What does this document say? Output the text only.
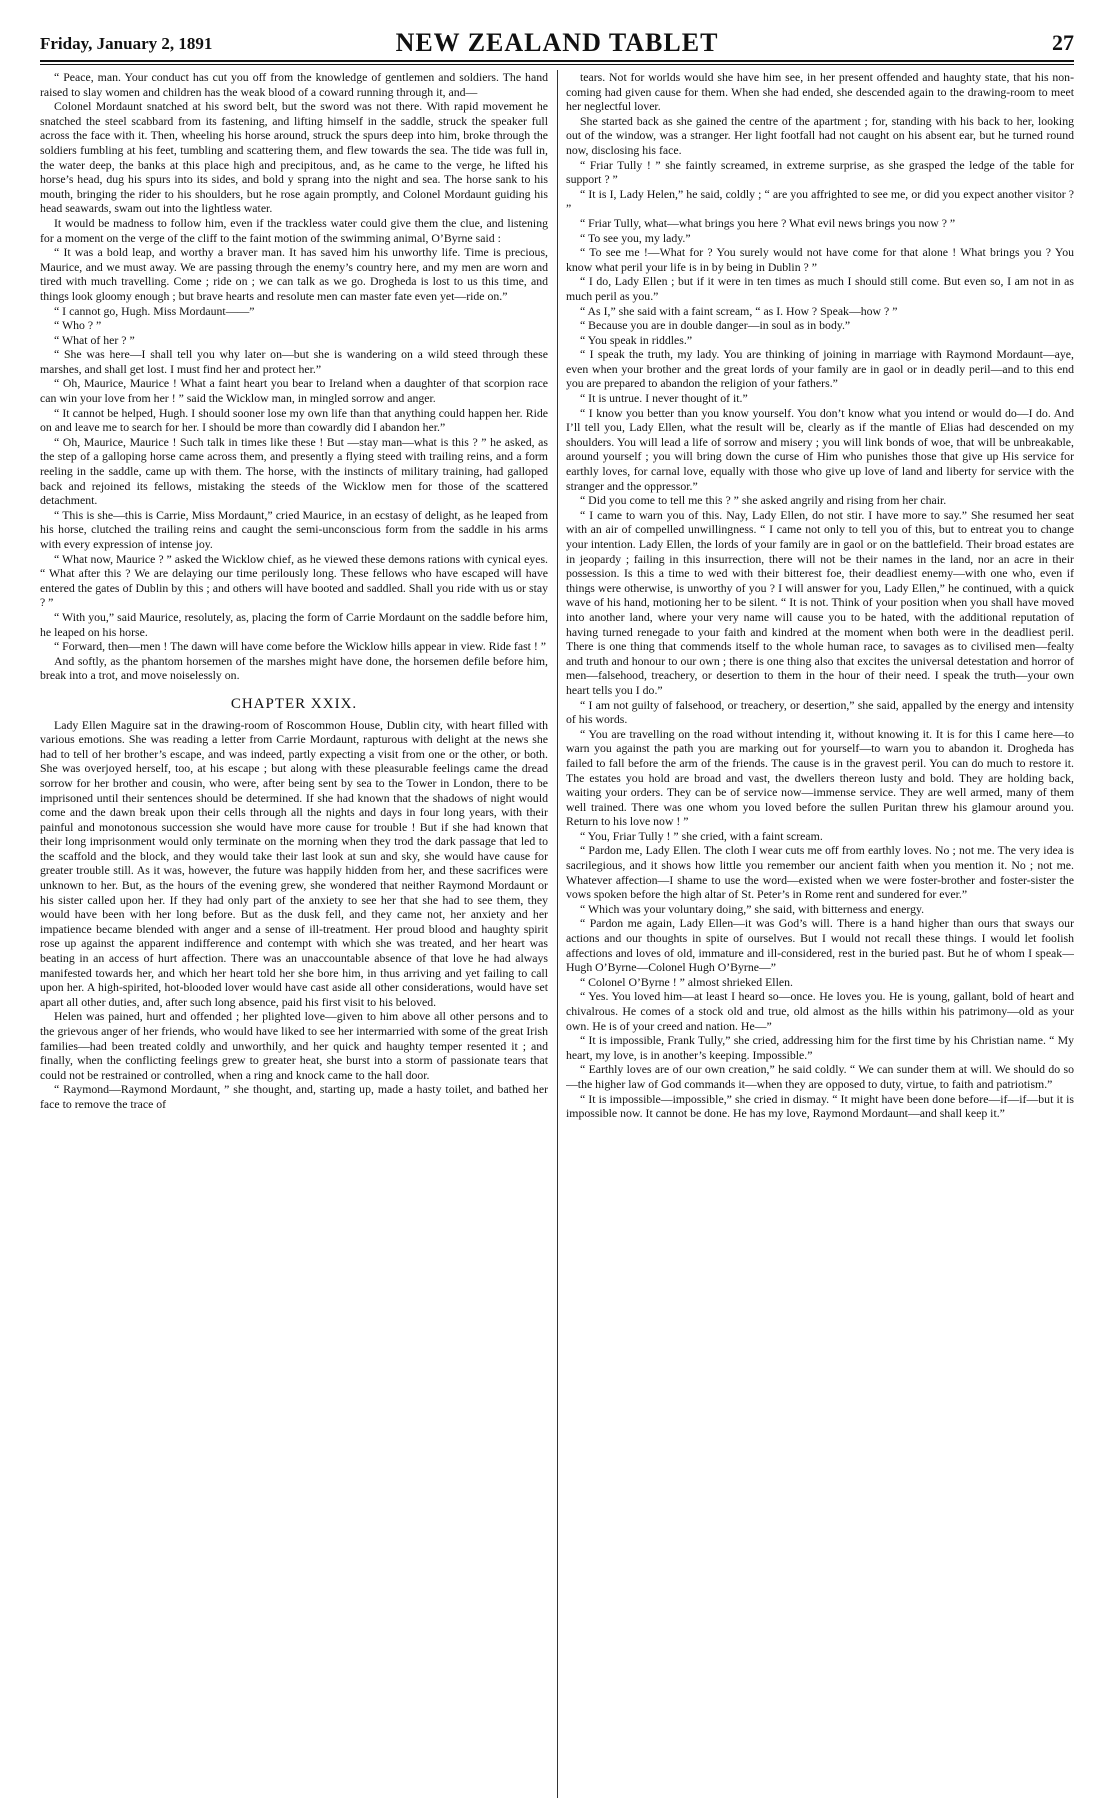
Friday, January 2, 1891	NEW ZEALAND TABLET	27

“ Peace, man. Your conduct has cut you off from the knowledge of gentlemen and soldiers. The hand raised to slay women and children has the weak blood of a coward running through it, and—

Colonel Mordaunt snatched at his sword belt, but the sword was not there. With rapid movement he snatched the steel scabbard from its fastening, and lifting himself in the saddle, struck the speaker full across the face with it. Then, wheeling his horse around, struck the spurs deep into him, broke through the soldiers fumbling at his feet, tumbling and scattering them, and flew towards the sea. The tide was full in, the water deep, the banks at this place high and precipitous, and, as he came to the verge, he lifted his horse’s head, dug his spurs into its sides, and bold y sprang into the night and sea. The horse sank to his mouth, bringing the rider to his shoulders, but he rose again promptly, and Colonel Mordaunt guiding his head seawards, swam out into the lightless water.

It would be madness to follow him, even if the trackless water could give them the clue, and listening for a moment on the verge of the cliff to the faint motion of the swimming animal, O’Byrne said :

“ It was a bold leap, and worthy a braver man. It has saved him his unworthy life. Time is precious, Maurice, and we must away. We are passing through the enemy’s country here, and my men are worn and tired with much travelling. Come ; ride on ; we can talk as we go. Drogheda is lost to us this time, and things look gloomy enough ; but brave hearts and resolute men can master fate even yet—ride on.”

“ I cannot go, Hugh. Miss Mordaunt——”

“ Who ? ”

“ What of her ? ”

“ She was here—I shall tell you why later on—but she is wandering on a wild steed through these marshes, and shall get lost. I must find her and protect her.”

“ Oh, Maurice, Maurice ! What a faint heart you bear to Ireland when a daughter of that scorpion race can win your love from her ! ” said the Wicklow man, in mingled sorrow and anger.

“ It cannot be helped, Hugh. I should sooner lose my own life than that anything could happen her. Ride on and leave me to search for her. I should be more than cowardly did I abandon her.”

“ Oh, Maurice, Maurice ! Such talk in times like these ! But —stay man—what is this ? ” he asked, as the step of a galloping horse came across them, and presently a flying steed with trailing reins, and a form reeling in the saddle, came up with them. The horse, with the instincts of military training, had galloped back and rejoined its fellows, mistaking the steeds of the Wicklow men for those of the scattered detachment.

“ This is she—this is Carrie, Miss Mordaunt,” cried Maurice, in an ecstasy of delight, as he leaped from his horse, clutched the trailing reins and caught the semi-unconscious form from the saddle in his arms with every expression of intense joy.

“ What now, Maurice ? ” asked the Wicklow chief, as he viewed these demons rations with cynical eyes. “ What after this ? We are delaying our time perilously long. These fellows who have escaped will have entered the gates of Dublin by this ; and others will have booted and saddled. Shall you ride with us or stay ? ”

“ With you,” said Maurice, resolutely, as, placing the form of Carrie Mordaunt on the saddle before him, he leaped on his horse.

“ Forward, then—men ! The dawn will have come before the Wicklow hills appear in view. Ride fast ! ”

And softly, as the phantom horsemen of the marshes might have done, the horsemen defile before him, break into a trot, and move noiselessly on.

CHAPTER XXIX.

Lady Ellen Maguire sat in the drawing-room of Roscommon House, Dublin city, with heart filled with various emotions. She was reading a letter from Carrie Mordaunt, rapturous with delight at the news she had to tell of her brother’s escape, and was indeed, partly expecting a visit from one or the other, or both. She was overjoyed herself, too, at his escape ; but along with these pleasurable feelings came the dread sorrow for her brother and cousin, who were, after being sent by sea to the Tower in London, there to be imprisoned until their sentences should be determined. If she had known that the shadows of night would come and the dawn break upon their cells through all the nights and days in four long years, with their painful and monotonous succession she would have more cause for trouble ! But if she had known that their long imprisonment would only terminate on the morning when they trod the dark passage that led to the scaffold and the block, and they would take their last look at sun and sky, she would have cause for greater trouble still. As it was, however, the future was happily hidden from her, and these sacrifices were unknown to her. But, as the hours of the evening grew, she wondered that neither Raymond Mordaunt or his sister called upon her. If they had only part of the anxiety to see her that she had to see them, they would have been with her long before. But as the dusk fell, and they came not, her anxiety and her impatience became blended with anger and a sense of ill-treatment. Her proud blood and haughty spirit rose up against the apparent indifference and contempt with which she was treated, and her heart was beating in an access of hurt affection. There was an unaccountable absence of that love he had always manifested towards her, and which her heart told her she bore him, in thus arriving and yet failing to call upon her. A high-spirited, hot-blooded lover would have cast aside all other considerations, would have set apart all other duties, and, after such long absence, paid his first visit to his beloved.

Helen was pained, hurt and offended ; her plighted love—given to him above all other persons and to the grievous anger of her friends, who would have liked to see her intermarried with some of the great Irish families—had been treated coldly and unworthily, and her quick and haughty temper resented it ; and finally, when the conflicting feelings grew to greater heat, she burst into a storm of passionate tears that could not be restrained or controlled, when a ring and knock came to the hall door.

“ Raymond—Raymond Mordaunt, ” she thought, and, starting up, made a hasty toilet, and bathed her face to remove the trace of

tears. Not for worlds would she have him see, in her present offended and haughty state, that his non-coming had given cause for them. When she had ended, she descended again to the drawing-room to meet her neglectful lover.

She started back as she gained the centre of the apartment ; for, standing with his back to her, looking out of the window, was a stranger. Her light footfall had not caught on his absent ear, but he turned round now, disclosing his face.

“ Friar Tully ! ” she faintly screamed, in extreme surprise, as she grasped the ledge of the table for support ? ”

“ It is I, Lady Helen,” he said, coldly ; “ are you affrighted to see me, or did you expect another visitor ? ”

“ Friar Tully, what—what brings you here ? What evil news brings you now ? ”

“ To see you, my lady.”

“ To see me !—What for ? You surely would not have come for that alone ! What brings you ? You know what peril your life is in by being in Dublin ? ”

“ I do, Lady Ellen ; but if it were in ten times as much I should still come. But even so, I am not in as much peril as you.”

“ As I,” she said with a faint scream, “ as I. How ? Speak—how ? ”

“ Because you are in double danger—in soul as in body.”

“ You speak in riddles.”

“ I speak the truth, my lady. You are thinking of joining in marriage with Raymond Mordaunt—aye, even when your brother and the great lords of your family are in gaol or in deadly peril—and to this end you are prepared to abandon the religion of your fathers.”

“ It is untrue. I never thought of it.”

“ I know you better than you know yourself. You don’t know what you intend or would do—I do. And I’ll tell you, Lady Ellen, what the result will be, clearly as if the mantle of Elias had descended on my shoulders. You will lead a life of sorrow and misery ; you will link bonds of woe, that will be unbreakable, around yourself ; you will bring down the curse of Him who punishes those that give up His service for earthly loves, for carnal love, equally with those who give up love of land and liberty for service with the stranger and the oppressor.”

“ Did you come to tell me this ? ” she asked angrily and rising from her chair.

“ I came to warn you of this. Nay, Lady Ellen, do not stir. I have more to say.” She resumed her seat with an air of compelled unwillingness. “ I came not only to tell you of this, but to entreat you to change your intention. Lady Ellen, the lords of your family are in gaol or on the battlefield. Their broad estates are in jeopardy ; failing in this insurrection, there will not be their names in the land, nor an acre in their possession. Is this a time to wed with their bitterest foe, their deadliest enemy—with one who, even if things were otherwise, is unworthy of you ? I will answer for you, Lady Ellen,” he continued, with a quick wave of his hand, motioning her to be silent. “ It is not. Think of your position when you shall have moved into another land, where your very name will cause you to be hated, with the additional reputation of having turned renegade to your faith and kindred at the moment when both were in the deadliest peril. There is one thing that commends itself to the whole human race, to savages as to civilised men—fealty and truth and honour to our own ; there is one thing also that excites the universal detestation and horror of men—falsehood, treachery, or desertion to them in the hour of their need. I speak the truth—your own heart tells you I do.”

“ I am not guilty of falsehood, or treachery, or desertion,” she said, appalled by the energy and intensity of his words.

“ You are travelling on the road without intending it, without knowing it. It is for this I came here—to warn you against the path you are marking out for yourself—to warn you to abandon it. Drogheda has failed to fall before the arm of the friends. The cause is in the gravest peril. You can do much to restore it. The estates you hold are broad and vast, the dwellers thereon lusty and bold. They are holding back, waiting your orders. They can be of service now—immense service. They are well armed, many of them well trained. There was one whom you loved before the sullen Puritan threw his glamour around you. Return to his love now ! ”

“ You, Friar Tully ! ” she cried, with a faint scream.

“ Pardon me, Lady Ellen. The cloth I wear cuts me off from earthly loves. No ; not me. The very idea is sacrilegious, and it shows how little you remember our ancient faith when you mention it. No ; not me. Whatever affection—I shame to use the word—existed when we were foster-brother and foster-sister the vows spoken before the high altar of St. Peter’s in Rome rent and sundered for ever.”

“ Which was your voluntary doing,” she said, with bitterness and energy.

“ Pardon me again, Lady Ellen—it was God’s will. There is a hand higher than ours that sways our actions and our thoughts in spite of ourselves. But I would not recall these things. I would let foolish affections and loves of old, immature and ill-considered, rest in the buried past. But he of whom I speak—Hugh O’Byrne—Colonel Hugh O’Byrne—”

“ Colonel O’Byrne ! ” almost shrieked Ellen.

“ Yes. You loved him—at least I heard so—once. He loves you. He is young, gallant, bold of heart and chivalrous. He comes of a stock old and true, old almost as the hills within his patrimony—old as your own. He is of your creed and nation. He—”

“ It is impossible, Frank Tully,” she cried, addressing him for the first time by his Christian name. “ My heart, my love, is in another’s keeping. Impossible.”

“ Earthly loves are of our own creation,” he said coldly. “ We can sunder them at will. We should do so—the higher law of God commands it—when they are opposed to duty, virtue, to faith and patriotism.”

“ It is impossible—impossible,” she cried in dismay. “ It might have been done before—if—if—but it is impossible now. It cannot be done. He has my love, Raymond Mordaunt—and shall keep it.”
